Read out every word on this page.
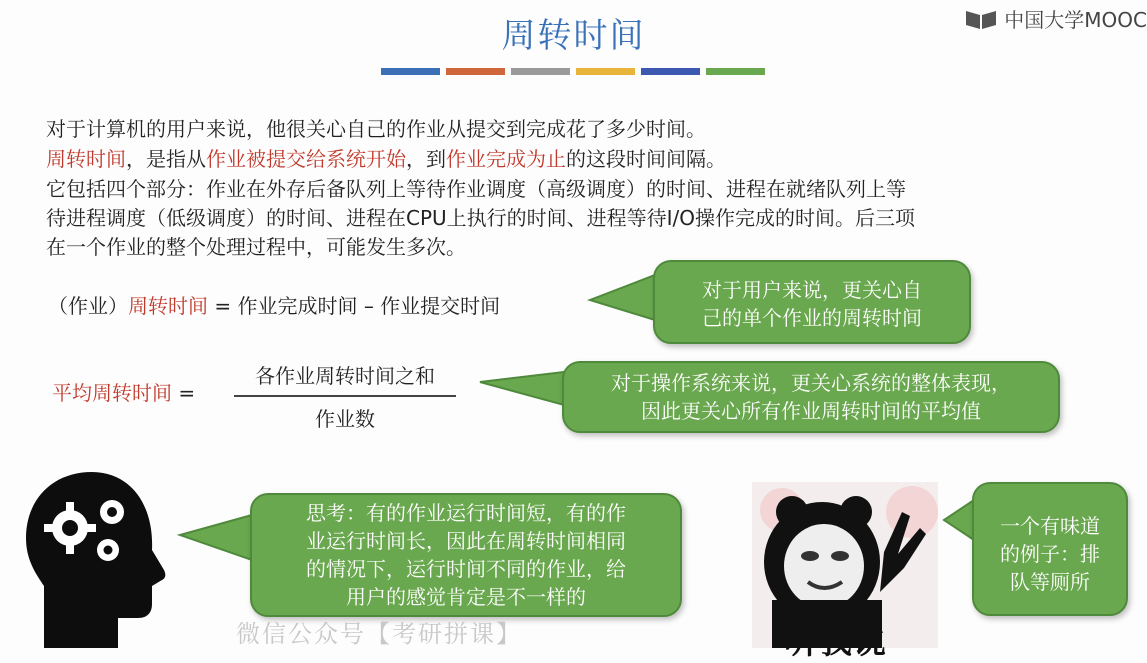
中国大学MOOC
周转时间
对于计算机的用户来说，他很关心自己的作业从提交到完成花了多少时间。
周转时间，是指从作业被提交给系统开始，到作业完成为止的这段时间间隔。
它包括四个部分：作业在外存后备队列上等待作业调度（高级调度）的时间、进程在就绪队列上等
待进程调度（低级调度）的时间、进程在CPU上执行的时间、进程等待I/O操作完成的时间。后三项
在一个作业的整个处理过程中，可能发生多次。
（作业）周转时间 = 作业完成时间 – 作业提交时间
平均周转时间 =
各作业周转时间之和
作业数
对于用户来说，更关心自
己的单个作业的周转时间
对于操作系统来说，更关心系统的整体表现，
因此更关心所有作业周转时间的平均值
思考：有的作业运行时间短，有的作
业运行时间长，因此在周转时间相同
的情况下，运行时间不同的作业，给
用户的感觉肯定是不一样的
一个有味道
的例子：排
队等厕所
听我说
微信公众号【考研拼课】
